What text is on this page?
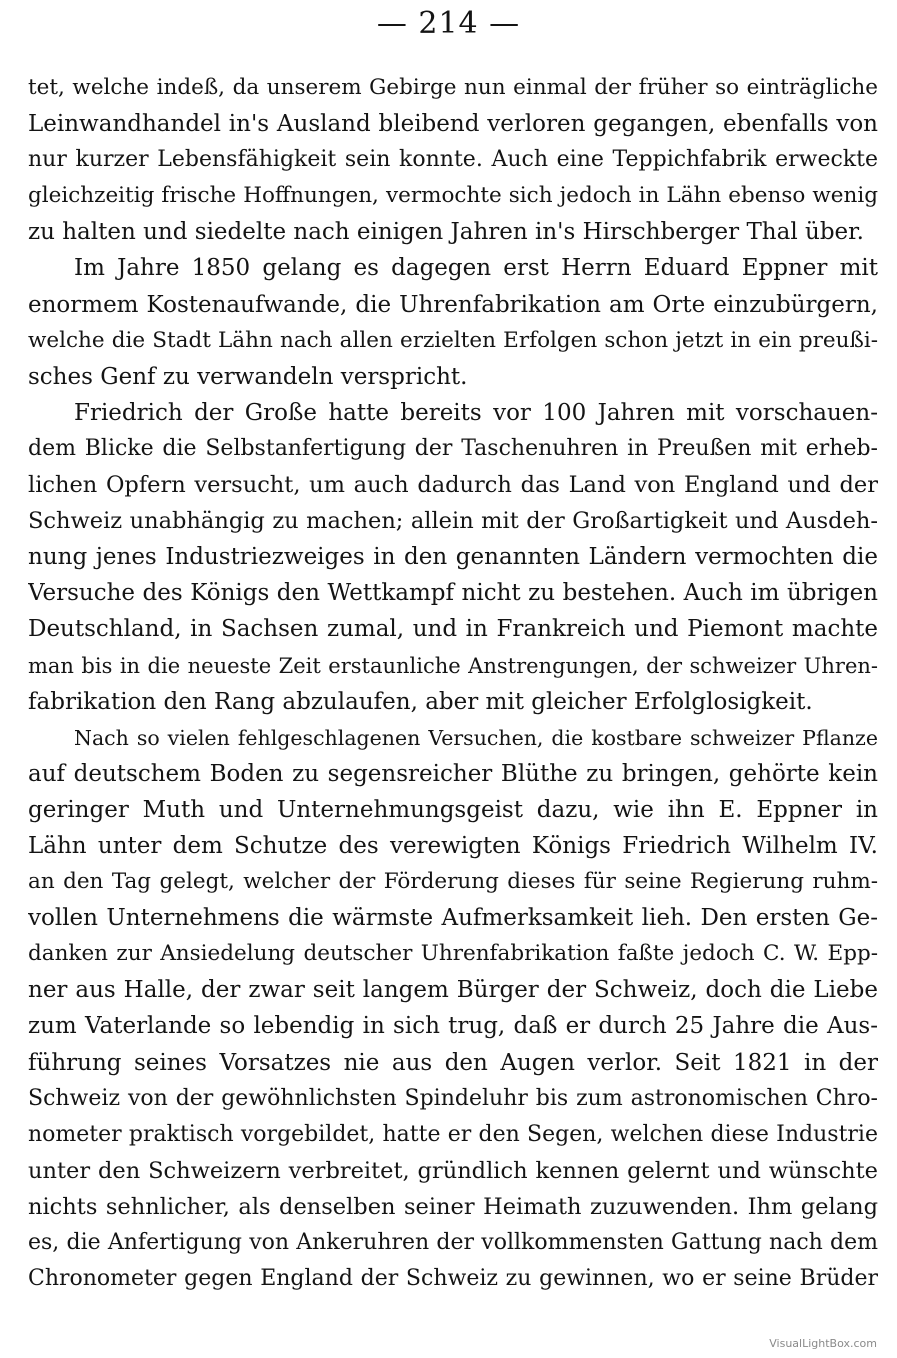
— 214 —
tet, welche indeß, da unserem Gebirge nun einmal der früher so einträgliche
Leinwandhandel in's Ausland bleibend verloren gegangen, ebenfalls von
nur kurzer Lebensfähigkeit sein konnte. Auch eine Teppichfabrik erweckte
gleichzeitig frische Hoffnungen, vermochte sich jedoch in Lähn ebenso wenig
zu halten und siedelte nach einigen Jahren in's Hirschberger Thal über.
Im Jahre 1850 gelang es dagegen erst Herrn Eduard Eppner mit
enormem Kostenaufwande, die Uhrenfabrikation am Orte einzubürgern,
welche die Stadt Lähn nach allen erzielten Erfolgen schon jetzt in ein preußi-
sches Genf zu verwandeln verspricht.
Friedrich der Große hatte bereits vor 100 Jahren mit vorschauen-
dem Blicke die Selbstanfertigung der Taschenuhren in Preußen mit erheb-
lichen Opfern versucht, um auch dadurch das Land von England und der
Schweiz unabhängig zu machen; allein mit der Großartigkeit und Ausdeh-
nung jenes Industriezweiges in den genannten Ländern vermochten die
Versuche des Königs den Wettkampf nicht zu bestehen. Auch im übrigen
Deutschland, in Sachsen zumal, und in Frankreich und Piemont machte
man bis in die neueste Zeit erstaunliche Anstrengungen, der schweizer Uhren-
fabrikation den Rang abzulaufen, aber mit gleicher Erfolglosigkeit.
Nach so vielen fehlgeschlagenen Versuchen, die kostbare schweizer Pflanze
auf deutschem Boden zu segensreicher Blüthe zu bringen, gehörte kein
geringer Muth und Unternehmungsgeist dazu, wie ihn E. Eppner in
Lähn unter dem Schutze des verewigten Königs Friedrich Wilhelm IV.
an den Tag gelegt, welcher der Förderung dieses für seine Regierung ruhm-
vollen Unternehmens die wärmste Aufmerksamkeit lieh. Den ersten Ge-
danken zur Ansiedelung deutscher Uhrenfabrikation faßte jedoch C. W. Epp-
ner aus Halle, der zwar seit langem Bürger der Schweiz, doch die Liebe
zum Vaterlande so lebendig in sich trug, daß er durch 25 Jahre die Aus-
führung seines Vorsatzes nie aus den Augen verlor. Seit 1821 in der
Schweiz von der gewöhnlichsten Spindeluhr bis zum astronomischen Chro-
nometer praktisch vorgebildet, hatte er den Segen, welchen diese Industrie
unter den Schweizern verbreitet, gründlich kennen gelernt und wünschte
nichts sehnlicher, als denselben seiner Heimath zuzuwenden. Ihm gelang
es, die Anfertigung von Ankeruhren der vollkommensten Gattung nach dem
Chronometer gegen England der Schweiz zu gewinnen, wo er seine Brüder
VisualLightBox.com
